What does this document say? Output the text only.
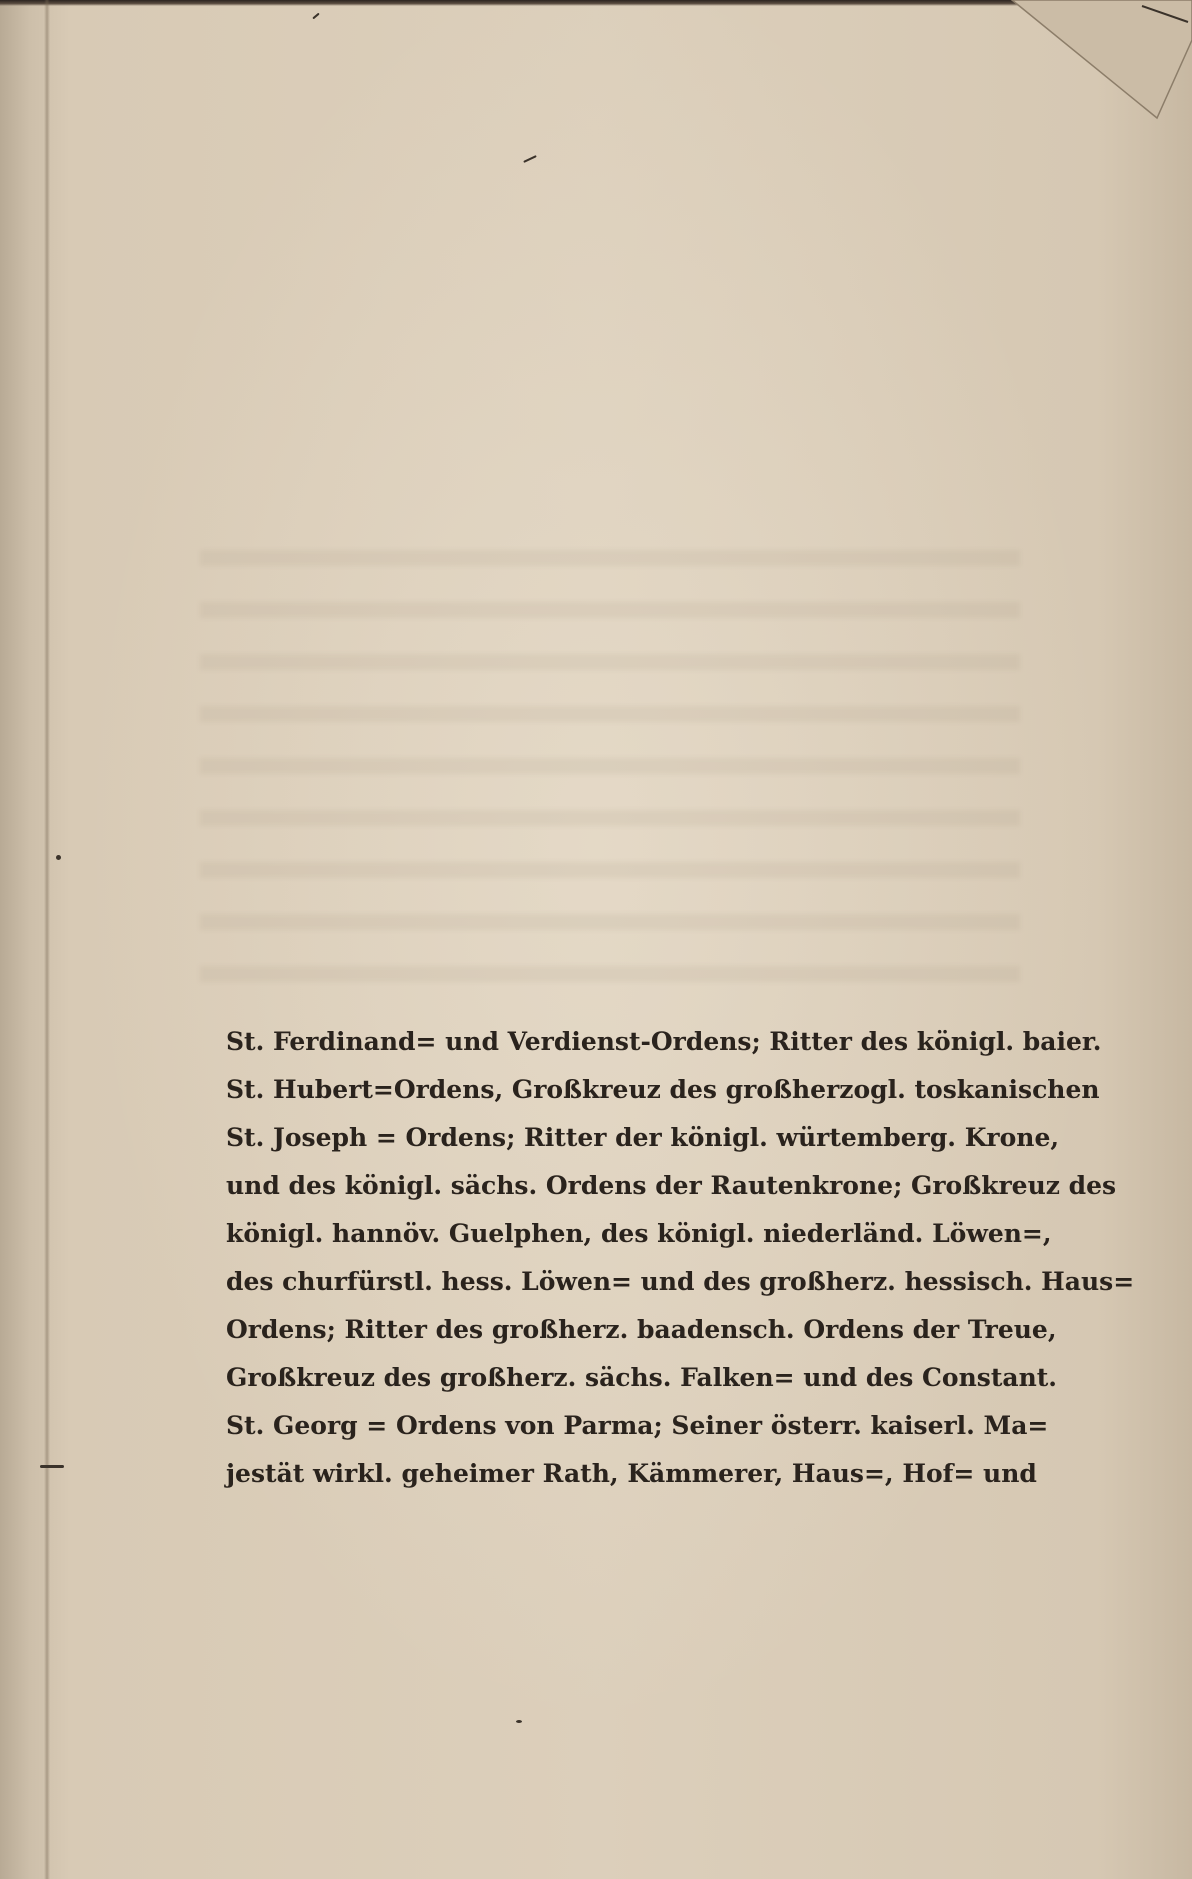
St. Ferdinand= und Verdienst-Ordens; Ritter des königl. baier.
St. Hubert=Ordens, Großkreuz des großherzogl. toskanischen
St. Joseph = Ordens; Ritter der königl. würtemberg. Krone,
und des königl. sächs. Ordens der Rautenkrone; Großkreuz des
königl. hannöv. Guelphen, des königl. niederländ. Löwen=,
des churfürstl. hess. Löwen= und des großherz. hessisch. Haus=
Ordens; Ritter des großherz. baadensch. Ordens der Treue,
Großkreuz des großherz. sächs. Falken= und des Constant.
St. Georg = Ordens von Parma; Seiner österr. kaiserl. Ma=
jestät wirkl. geheimer Rath, Kämmerer, Haus=, Hof= und
